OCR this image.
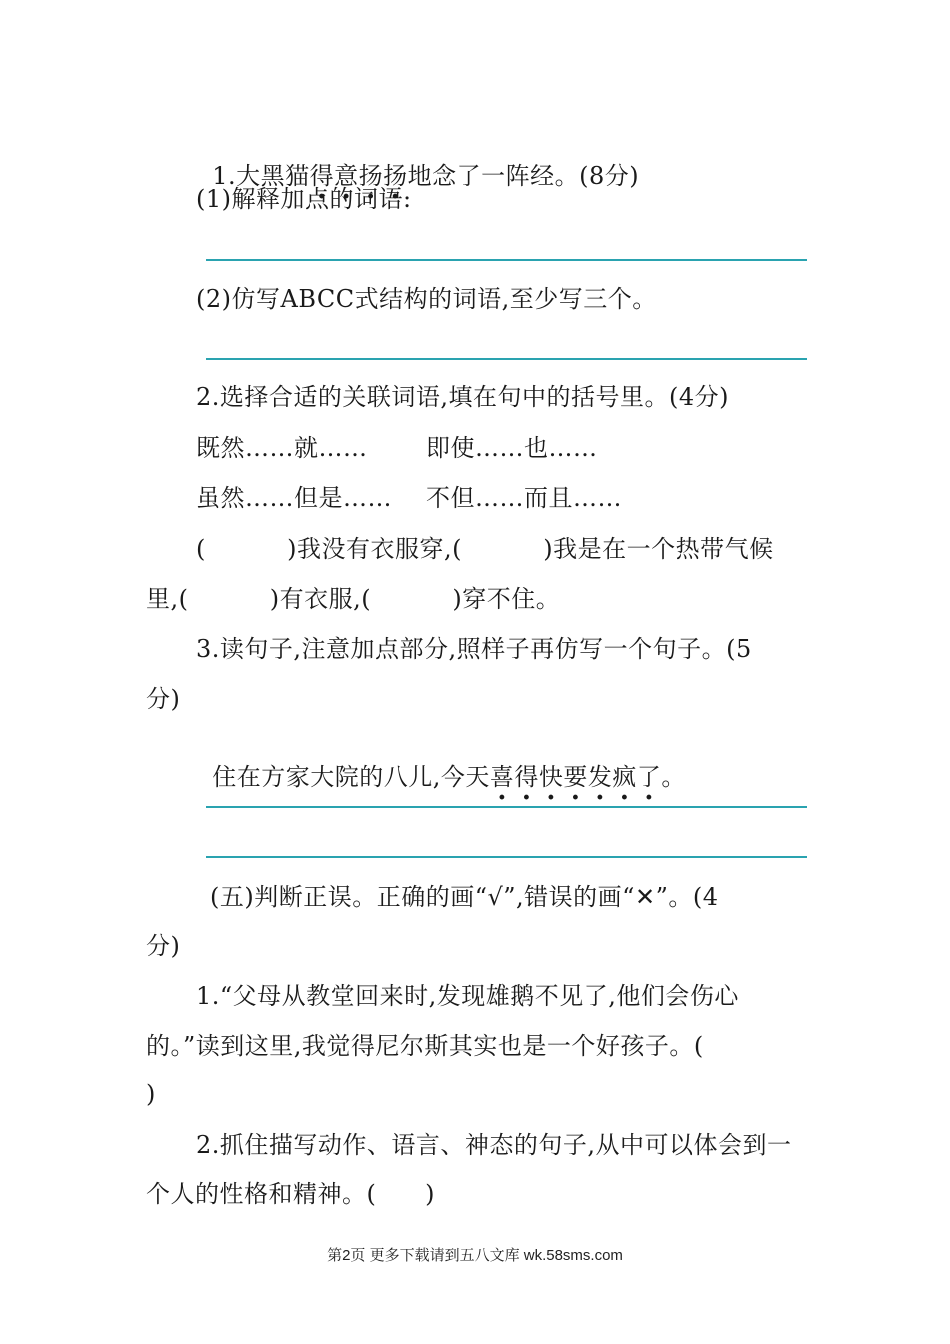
1.大黑猫得意扬扬地念了一阵经。(8分)

(1)解释加点的词语:
(2)仿写ABCC式结构的词语,至少写三个。
2.选择合适的关联词语,填在句中的括号里。(4分)
既然……就…… 即使……也……
虽然……但是…… 不但……而且……
(          )我没有衣服穿,(          )我是在一个热带气候
里,(          )有衣服,(          )穿不住。
3.读句子,注意加点部分,照样子再仿写一个句子。(5
分)

住在方家大院的八儿,今天喜得快要发疯了。

(五)判断正误。正确的画“√”,错误的画“✕”。(4
分)
1.“父母从教堂回来时,发现雄鹅不见了,他们会伤心
的。”读到这里,我觉得尼尔斯其实也是一个好孩子。(
)
2.抓住描写动作、语言、神态的句子,从中可以体会到一
个人的性格和精神。(      )
第2页 更多下载请到五八文库 wk.58sms.com
